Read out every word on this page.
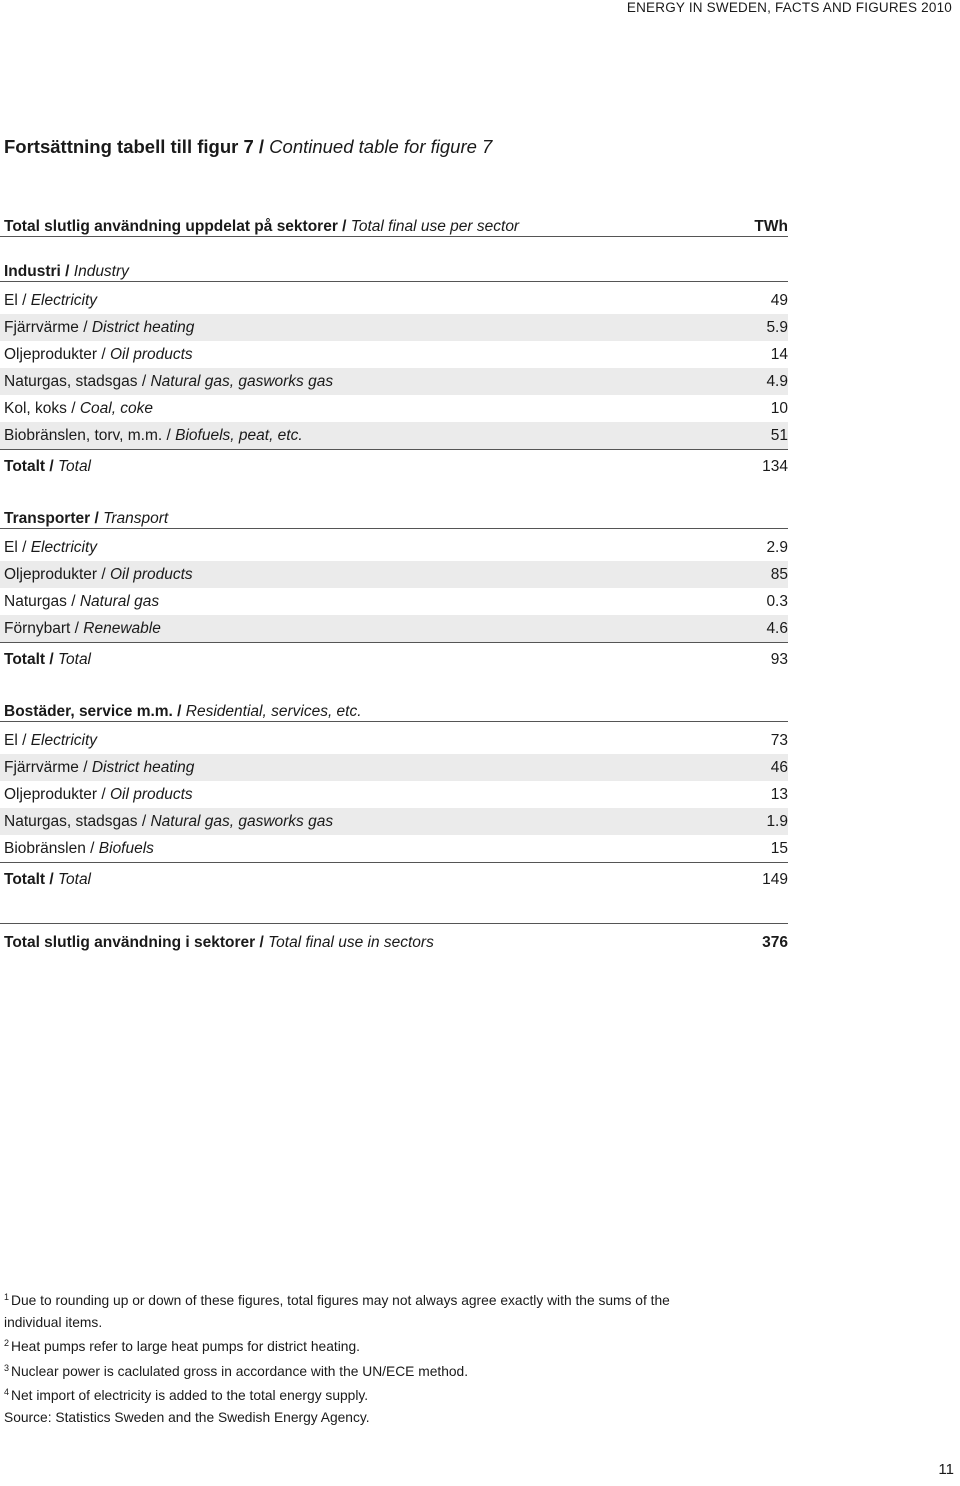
ENERGY IN SWEDEN, FACTS AND FIGURES 2010
Fortsättning tabell till figur 7 / Continued table for figure 7
Total slutlig användning uppdelat på sektorer / Total final use per sector	TWh
Industri / Industry
El / Electricity	49
Fjärrvärme / District heating	5.9
Oljeprodukter / Oil products	14
Naturgas, stadsgas / Natural gas, gasworks gas	4.9
Kol, koks / Coal, coke	10
Biobränslen, torv, m.m. / Biofuels, peat, etc.	51
Totalt / Total	134
Transporter / Transport
El / Electricity	2.9
Oljeprodukter / Oil products	85
Naturgas / Natural gas	0.3
Förnybart / Renewable	4.6
Totalt / Total	93
Bostäder, service m.m. / Residential, services, etc.
El / Electricity	73
Fjärrvärme / District heating	46
Oljeprodukter / Oil products	13
Naturgas, stadsgas / Natural gas, gasworks gas	1.9
Biobränslen / Biofuels	15
Totalt / Total	149
Total slutlig användning i sektorer / Total final use in sectors	376
$^1$ Due to rounding up or down of these figures, total figures may not always agree exactly with the sums of the individual items.
$^2$ Heat pumps refer to large heat pumps for district heating.
$^3$ Nuclear power is caclulated gross in accordance with the UN/ECE method.
$^4$ Net import of electricity is added to the total energy supply.
Source: Statistics Sweden and the Swedish Energy Agency.
11
